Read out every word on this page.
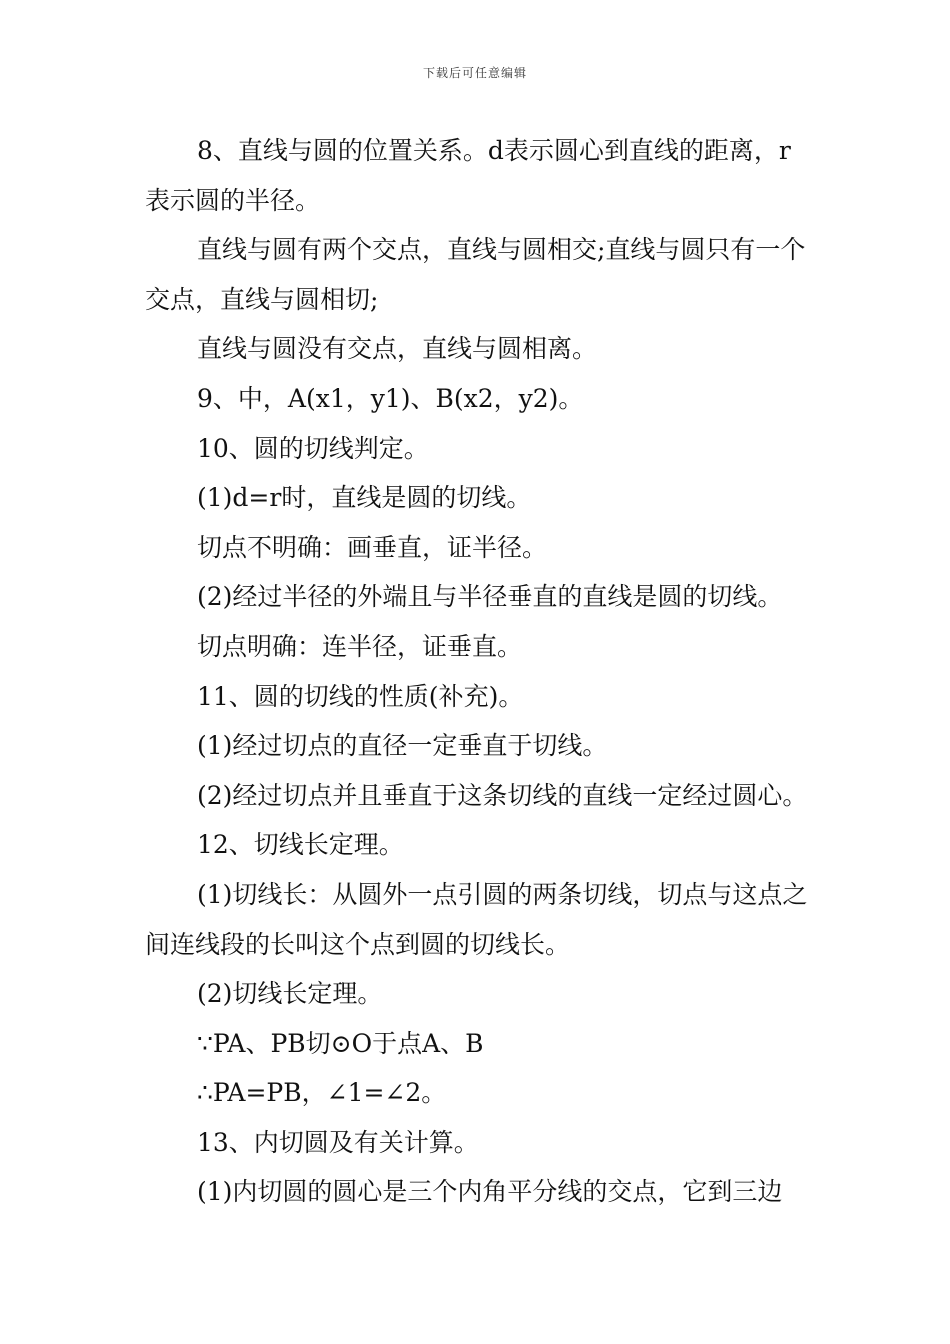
下载后可任意编辑

8、直线与圆的位置关系。d表示圆心到直线的距离，r表示圆的半径。

直线与圆有两个交点，直线与圆相交;直线与圆只有一个交点，直线与圆相切;

直线与圆没有交点，直线与圆相离。

9、中，A(x1，y1)、B(x2，y2)。

10、圆的切线判定。

(1)d=r时，直线是圆的切线。

切点不明确：画垂直，证半径。

(2)经过半径的外端且与半径垂直的直线是圆的切线。

切点明确：连半径，证垂直。

11、圆的切线的性质(补充)。

(1)经过切点的直径一定垂直于切线。

(2)经过切点并且垂直于这条切线的直线一定经过圆心。

12、切线长定理。

(1)切线长：从圆外一点引圆的两条切线，切点与这点之间连线段的长叫这个点到圆的切线长。

(2)切线长定理。

∵PA、PB切⊙O于点A、B

∴PA=PB，∠1=∠2。

13、内切圆及有关计算。

(1)内切圆的圆心是三个内角平分线的交点，它到三边
